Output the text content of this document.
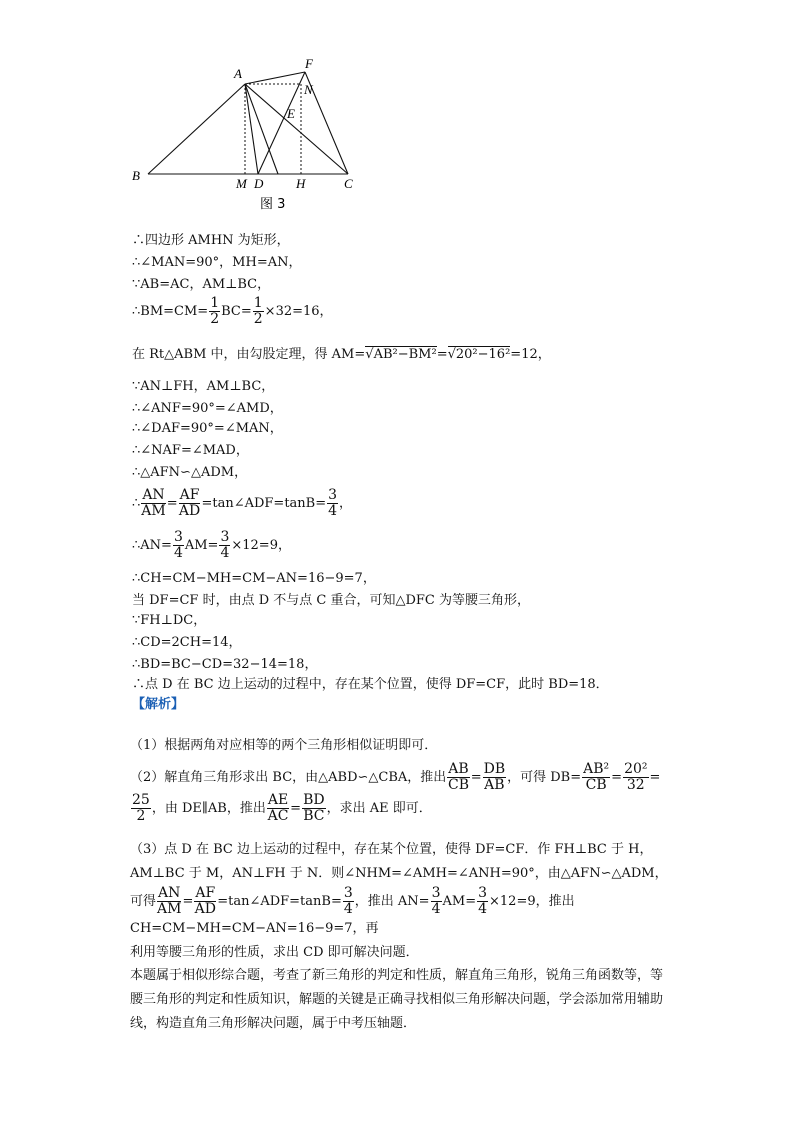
A
F
N
E
B
M D	H	C
图 3
∴四边形 AMHN 为矩形，
∴∠MAN=90°，MH=AN，
∵AB=AC，AM⊥BC，
∴BM=CM= $\frac{1}{2} BC= \frac{1}{2} \times 32=16$，
在 Rt△ABM 中，由勾股定理，得 AM=√AB²−BM²=√20²−16²=12，
∵AN⊥FH，AM⊥BC，
∴∠ANF=90°=∠AMD，
∴∠DAF=90°=∠MAN，
∴∠NAF=∠MAD，
∴△AFN∽△ADM，
∴ $\frac{AN}{AM} = \frac{AF}{AD}$ =tan∠ADF=tanB= $\frac{3}{4}$ ，
∴AN= $\frac{3}{4} AM= \frac{3}{4} \times 12=9$，
∴CH=CM−MH=CM−AN=16−9=7，
当 DF=CF 时，由点 D 不与点 C 重合，可知△DFC 为等腰三角形，
∵FH⊥DC，
∴CD=2CH=14，
∴BD=BC−CD=32−14=18，
∴点 D 在 BC 边上运动的过程中，存在某个位置，使得 DF=CF，此时 BD=18．
【解析】
（1）根据两角对应相等的两个三角形相似证明即可．
（2）解直角三角形求出 BC，由△ABD∽△CBA，推出 $\frac{AB}{CB} = \frac{DB}{AB}$ ，可得 $DB= \frac{\text{AB²}}{CB} = \frac{\text{20²}}{32}$ =
$\frac{25}{2}$ ，由 DE∥AB，推出 $\frac{AE}{AC} = \frac{BD}{BC}$ ，求出 AE 即可．
（3）点 D 在 BC 边上运动的过程中，存在某个位置，使得 DF=CF．作 FH⊥BC 于 H，
AM⊥BC 于 M，AN⊥FH 于 N．则∠NHM=∠AMH=∠ANH=90°，由△AFN∽△ADM，可得 $\frac{AN}{AM} = \frac{AF}{AD}$ =tan∠ADF=tanB= $\frac{3}{4}$ ，推出 $AN= \frac{3}{4} AM= \frac{3}{4} \times 12=9$，推出 CH=CM−MH=CM−AN=16−9=7，再
利用等腰三角形的性质，求出 CD 即可解决问题．
本题属于相似形综合题，考查了新三角形的判定和性质，解直角三角形，锐角三角函数等，等腰三角形的判定和性质知识，解题的关键是正确寻找相似三角形解决问题，学会添加常用辅助线，构造直角三角形解决问题，属于中考压轴题．
